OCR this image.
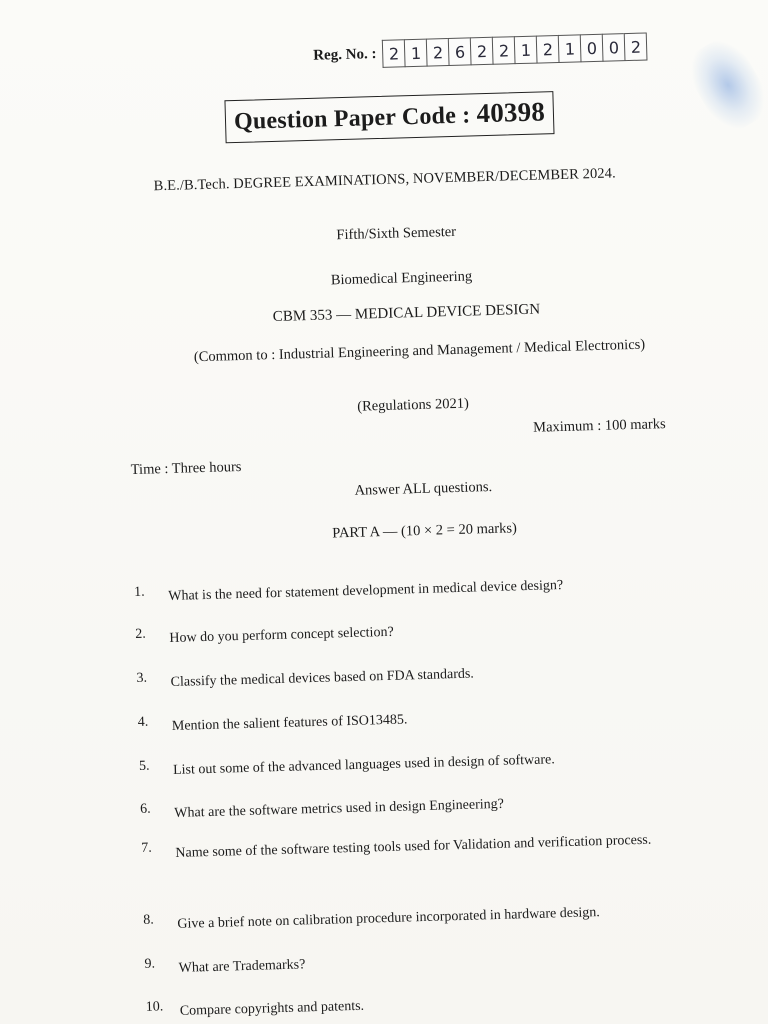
Reg. No. : 2 1 2 6 2 2 1 2 1 0 0 2
Question Paper Code : 40398
B.E./B.Tech. DEGREE EXAMINATIONS, NOVEMBER/DECEMBER 2024.
Fifth/Sixth Semester
Biomedical Engineering
CBM 353 — MEDICAL DEVICE DESIGN
(Common to : Industrial Engineering and Management / Medical Electronics)
(Regulations 2021)
Maximum : 100 marks
Time : Three hours
Answer ALL questions.
PART A — (10 × 2 = 20 marks)
1.	What is the need for statement development in medical device design?
2.	How do you perform concept selection?
3.	Classify the medical devices based on FDA standards.
4.	Mention the salient features of ISO13485.
5.	List out some of the advanced languages used in design of software.
6.	What are the software metrics used in design Engineering?
7.	Name some of the software testing tools used for Validation and verification process.
8.	Give a brief note on calibration procedure incorporated in hardware design.
9.	What are Trademarks?
10.	Compare copyrights and patents.
